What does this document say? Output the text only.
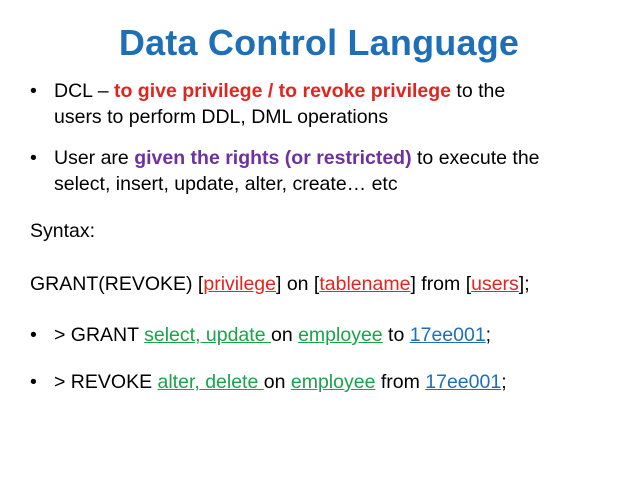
Data Control Language
• DCL – to give privilege / to revoke privilege to the
users to perform DDL, DML operations
• User are given the rights (or restricted) to execute the
select, insert, update, alter, create… etc
Syntax:
GRANT(REVOKE) [privilege] on [tablename] from [users];
• > GRANT select, update on employee to 17ee001;
• > REVOKE alter, delete on employee from 17ee001;
